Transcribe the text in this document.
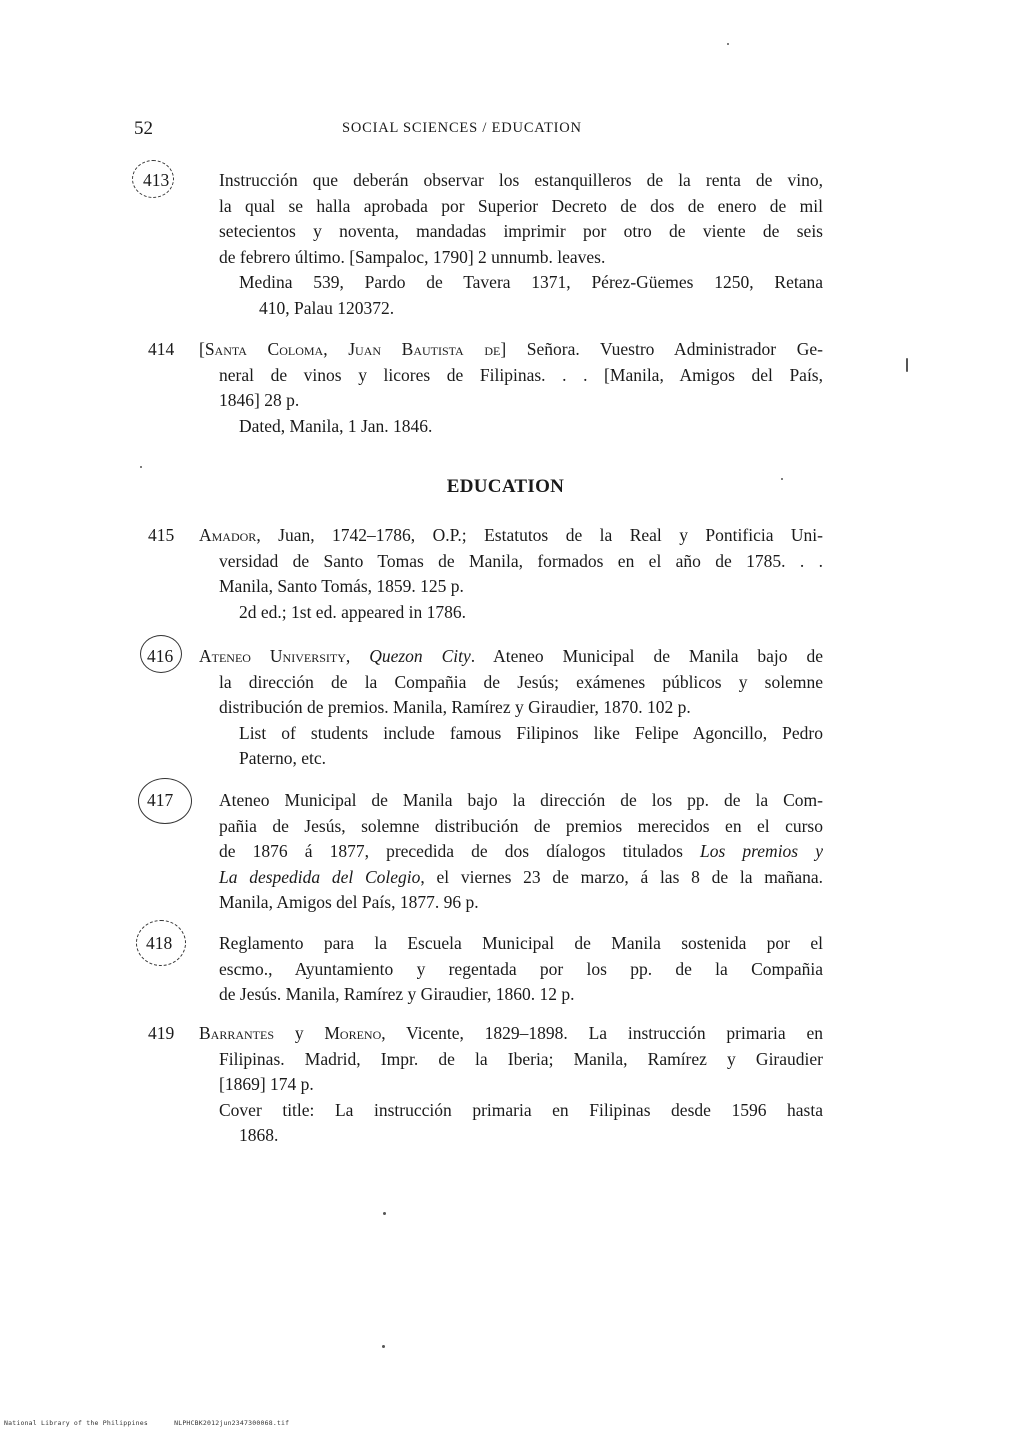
52	SOCIAL SCIENCES / EDUCATION
413	Instrucción que deberán observar los estanquilleros de la renta de vino,
la qual se halla aprobada por Superior Decreto de dos de enero de mil
setecientos y noventa, mandadas imprimir por otro de viente de seis
de febrero último. [Sampaloc, 1790] 2 unnumb. leaves.
Medina 539, Pardo de Tavera 1371, Pérez-Güemes 1250, Retana
410, Palau 120372.
414 [Santa Coloma, Juan Bautista de] Señora. Vuestro Administrador Ge-
neral de vinos y licores de Filipinas. . . [Manila, Amigos del País,
1846] 28 p.
Dated, Manila, 1 Jan. 1846.
EDUCATION
415 Amador, Juan, 1742–1786, O.P.; Estatutos de la Real y Pontificia Uni-
versidad de Santo Tomas de Manila, formados en el año de 1785. . .
Manila, Santo Tomás, 1859. 125 p.
2d ed.; 1st ed. appeared in 1786.
416 Ateneo University, Quezon City. Ateneo Municipal de Manila bajo de
la dirección de la Compañia de Jesús; exámenes públicos y solemne
distribución de premios. Manila, Ramírez y Giraudier, 1870. 102 p.
List of students include famous Filipinos like Felipe Agoncillo, Pedro
Paterno, etc.
417	Ateneo Municipal de Manila bajo la dirección de los pp. de la Com-
pañia de Jesús, solemne distribución de premios merecidos en el curso
de 1876 á 1877, precedida de dos díalogos titulados Los premios y
La despedida del Colegio, el viernes 23 de marzo, á las 8 de la mañana.
Manila, Amigos del País, 1877. 96 p.
418	Reglamento para la Escuela Municipal de Manila sostenida por el
escmo., Ayuntamiento y regentada por los pp. de la Compañia
de Jesús. Manila, Ramírez y Giraudier, 1860. 12 p.
419 Barrantes y Moreno, Vicente, 1829–1898. La instrucción primaria en
Filipinas. Madrid, Impr. de la Iberia; Manila, Ramírez y Giraudier
[1869] 174 p.
Cover title: La instrucción primaria en Filipinas desde 1596 hasta
1868.
National Library of the Philippines	NLPHCBK2012jun2347300068.tif
